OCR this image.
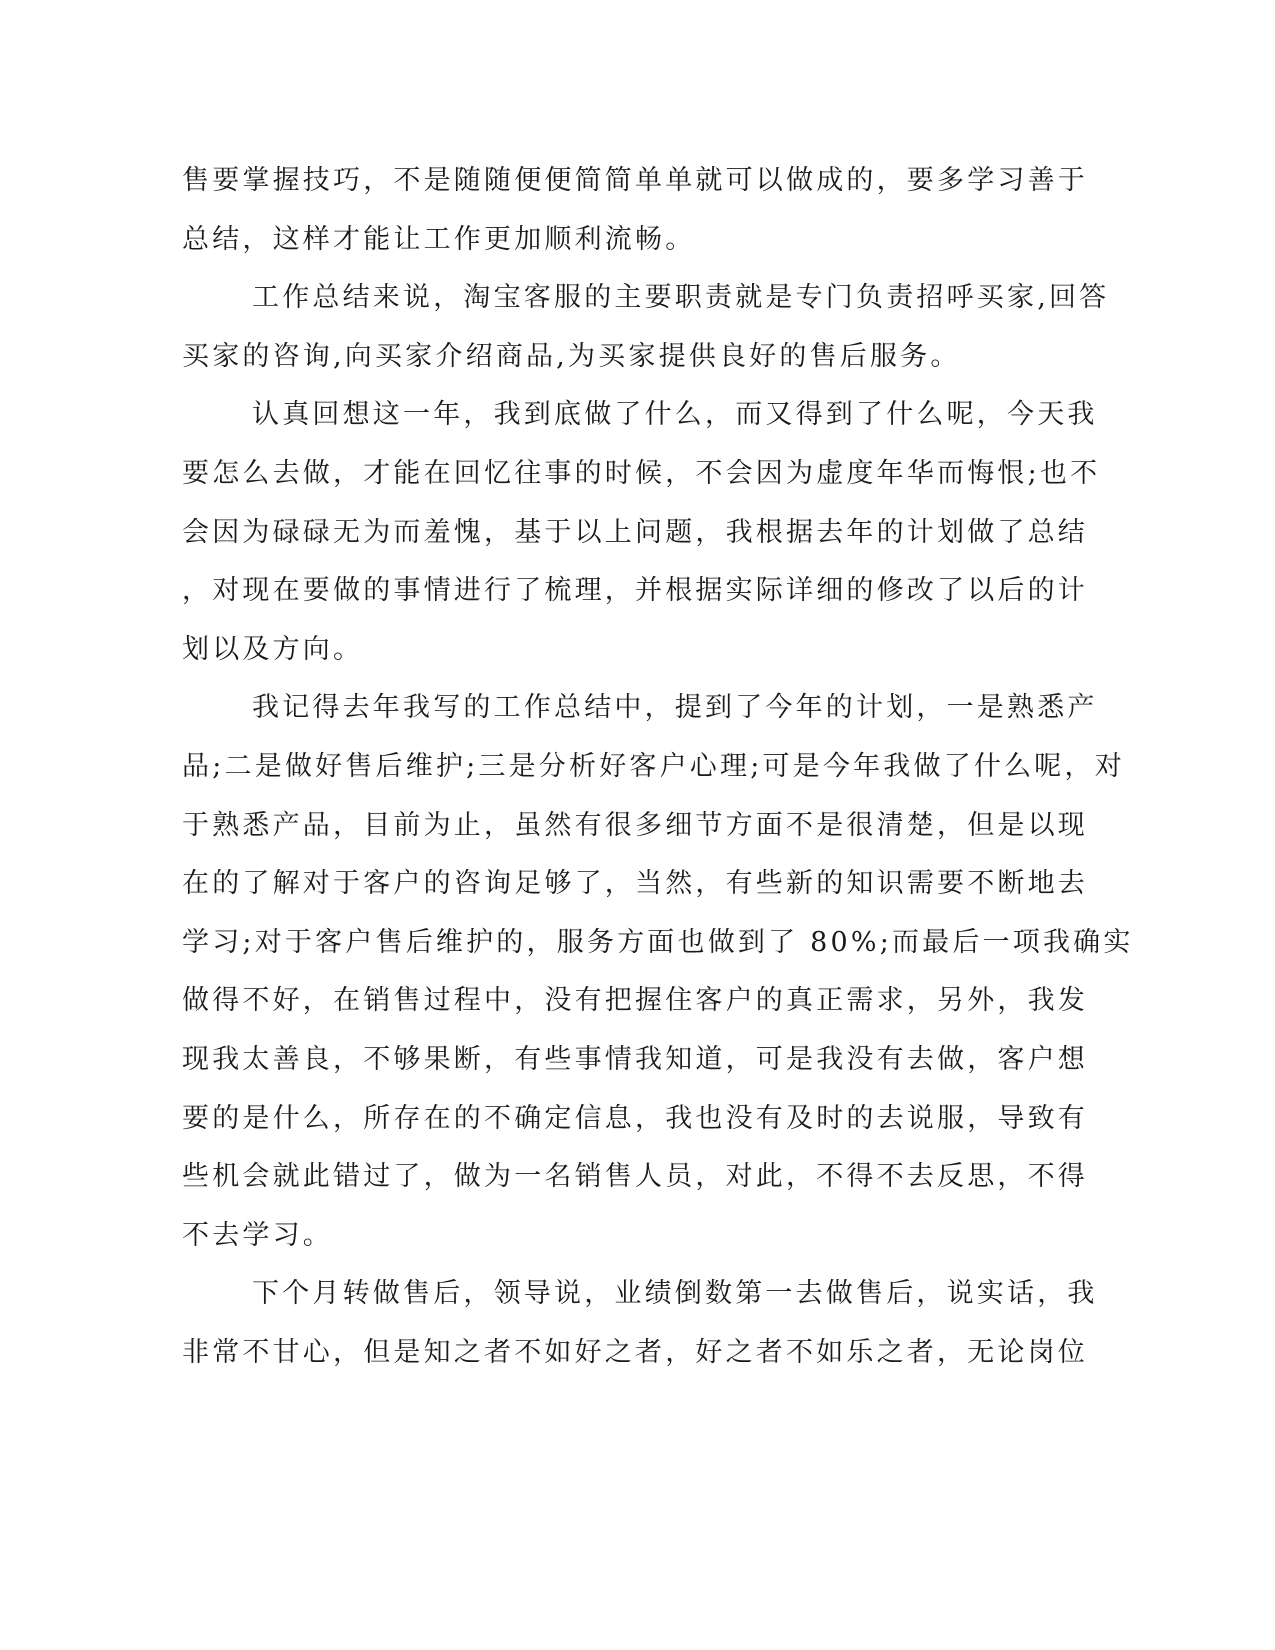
售要掌握技巧，不是随随便便简简单单就可以做成的，要多学习善于
总结，这样才能让工作更加顺利流畅。
工作总结来说，淘宝客服的主要职责就是专门负责招呼买家,回答
买家的咨询,向买家介绍商品,为买家提供良好的售后服务。
认真回想这一年，我到底做了什么，而又得到了什么呢，今天我
要怎么去做，才能在回忆往事的时候，不会因为虚度年华而悔恨;也不
会因为碌碌无为而羞愧，基于以上问题，我根据去年的计划做了总结
，对现在要做的事情进行了梳理，并根据实际详细的修改了以后的计
划以及方向。
我记得去年我写的工作总结中，提到了今年的计划，一是熟悉产
品;二是做好售后维护;三是分析好客户心理;可是今年我做了什么呢，对
于熟悉产品，目前为止，虽然有很多细节方面不是很清楚，但是以现
在的了解对于客户的咨询足够了，当然，有些新的知识需要不断地去
学习;对于客户售后维护的，服务方面也做到了 80%;而最后一项我确实
做得不好，在销售过程中，没有把握住客户的真正需求，另外，我发
现我太善良，不够果断，有些事情我知道，可是我没有去做，客户想
要的是什么，所存在的不确定信息，我也没有及时的去说服，导致有
些机会就此错过了，做为一名销售人员，对此，不得不去反思，不得
不去学习。
下个月转做售后，领导说，业绩倒数第一去做售后，说实话，我
非常不甘心，但是知之者不如好之者，好之者不如乐之者，无论岗位
